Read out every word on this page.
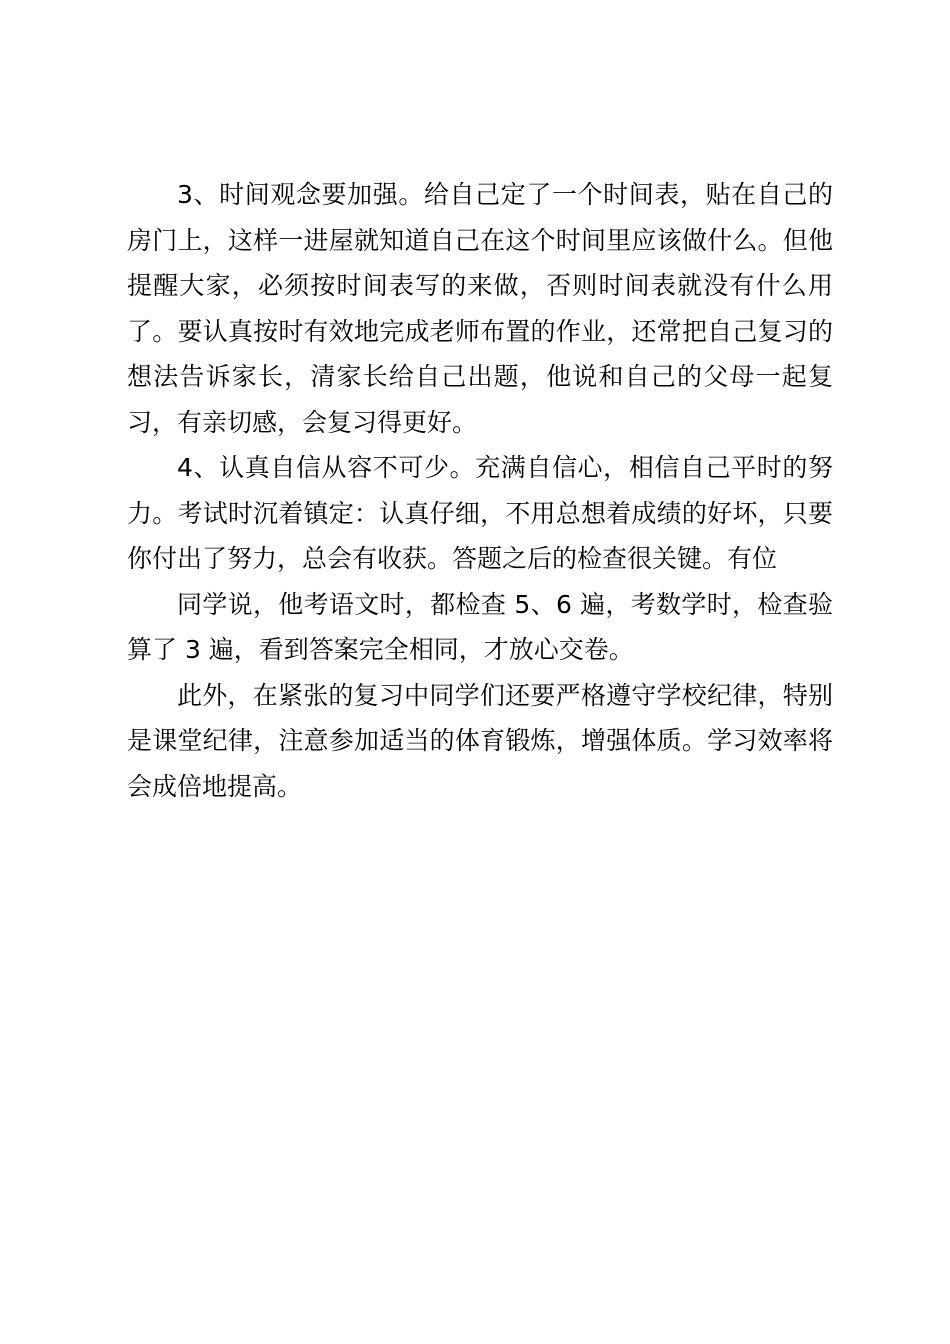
3、时间观念要加强。给自己定了一个时间表，贴在自己的房门上，这样一进屋就知道自己在这个时间里应该做什么。但他提醒大家，必须按时间表写的来做，否则时间表就没有什么用了。要认真按时有效地完成老师布置的作业，还常把自己复习的想法告诉家长，清家长给自己出题，他说和自己的父母一起复习，有亲切感，会复习得更好。

4、认真自信从容不可少。充满自信心，相信自己平时的努力。考试时沉着镇定：认真仔细，不用总想着成绩的好坏，只要你付出了努力，总会有收获。答题之后的检查很关键。有位

同学说，他考语文时，都检查 5、6 遍，考数学时，检查验算了 3 遍，看到答案完全相同，才放心交卷。

此外，在紧张的复习中同学们还要严格遵守学校纪律，特别是课堂纪律，注意参加适当的体育锻炼，增强体质。学习效率将会成倍地提高。
